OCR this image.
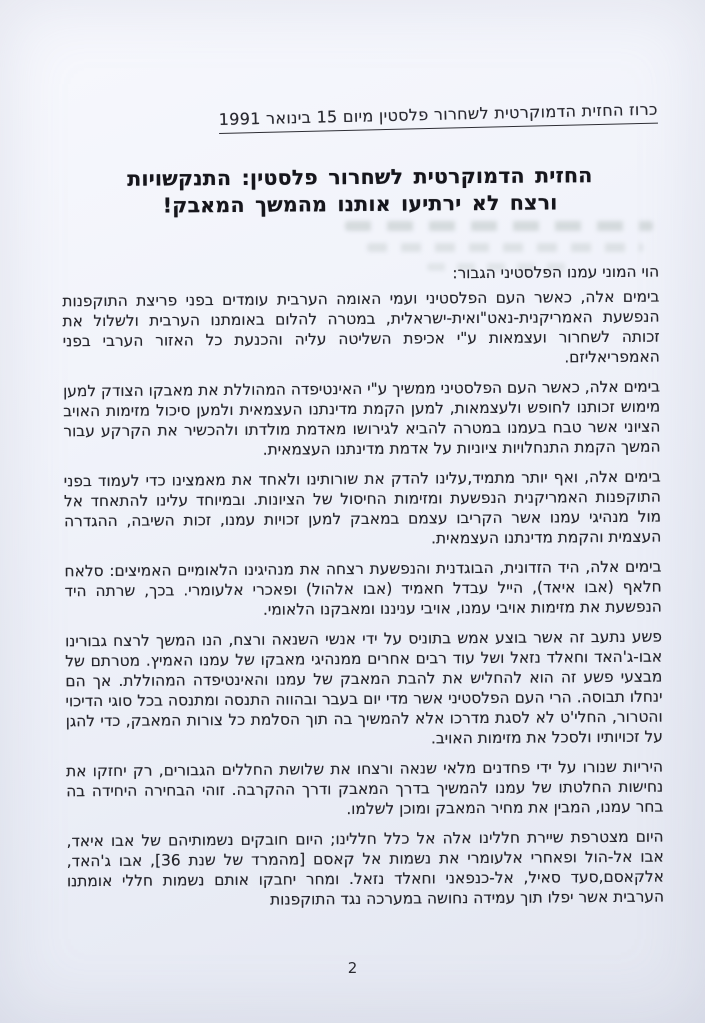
כרוז החזית הדמוקרטית לשחרור פלסטין מיום 15 בינואר 1991
החזית הדמוקרטית לשחרור פלסטין: התנקשויות
ורצח לא ירתיעו אותנו מהמשך המאבק!
הוי המוני עמנו הפלסטיני הגבור:

בימים אלה, כאשר העם הפלסטיני ועמי האומה הערבית עומדים בפני פריצת התוקפנות הנפשעת האמריקנית-נאט"ואית-ישראלית, במטרה להלום באומתנו הערבית ולשלול את זכותה לשחרור ועצמאות ע"י אכיפת השליטה עליה והכנעת כל האזור הערבי בפני האמפריאליזם.

בימים אלה, כאשר העם הפלסטיני ממשיך ע"י האינטיפדה המהוללת את מאבקו הצודק למען מימוש זכותנו לחופש ולעצמאות, למען הקמת מדינתנו העצמאית ולמען סיכול מזימות האויב הציוני אשר טבח בעמנו במטרה להביא לגירושו מאדמת מולדתו ולהכשיר את הקרקע עבור המשך הקמת התנחלויות ציוניות על אדמת מדינתנו העצמאית.

בימים אלה, ואף יותר מתמיד,עלינו להדק את שורותינו ולאחד את מאמצינו כדי לעמוד בפני התוקפנות האמריקנית הנפשעת ומזימות החיסול של הציונות. ובמיוחד עלינו להתאחד אל מול מנהיגי עמנו אשר הקריבו עצמם במאבק למען זכויות עמנו, זכות השיבה, ההגדרה העצמית והקמת מדינתנו העצמאית.

בימים אלה, היד הזדונית, הבוגדנית והנפשעת רצחה את מנהיגינו הלאומיים האמיצים: סלאח חלאף (אבו איאד), הייל עבדל חאמיד (אבו אלהול) ופאכרי אלעומרי. בכך, שרתה היד הנפשעת את מזימות אויבי עמנו, אויבי עניננו ומאבקנו הלאומי.

פשע נתעב זה אשר בוצע אמש בתוניס על ידי אנשי השנאה ורצח, הנו המשך לרצח גבורינו אבו-ג'האד וחאלד נזאל ושל עוד רבים אחרים ממנהיגי מאבקו של עמנו האמיץ. מטרתם של מבצעי פשע זה הוא להחליש את להבת המאבק של עמנו והאינטיפדה המהוללת. אך הם ינחלו תבוסה. הרי העם הפלסטיני אשר מדי יום בעבר ובהווה התנסה ומתנסה בכל סוגי הדיכוי והטרור, החלי'ט לא לסגת מדרכו אלא להמשיך בה תוך הסלמת כל צורות המאבק, כדי להגן על זכויותיו ולסכל את מזימות האויב.

היריות שנורו על ידי פחדנים מלאי שנאה ורצחו את שלושת החללים הגבורים, רק יחזקו את נחישות החלטתו של עמנו להמשיך בדרך המאבק ודרך ההקרבה. זוהי הבחירה היחידה בה בחר עמנו, המבין את מחיר המאבק ומוכן לשלמו.

היום מצטרפת שיירת חללינו אלה אל כלל חללינו; היום חובקים נשמותיהם של אבו איאד, אבו אל-הול ופאחרי אלעומרי את נשמות אל קאסם [מהמרד של שנת 36], אבו ג'האד, אלקאסם,סעד סאיל, אל-כנפאני וחאלד נזאל. ומחר יחבקו אותם נשמות חללי אומתנו הערבית אשר יפלו תוך עמידה נחושה במערכה נגד התוקפנות

2
